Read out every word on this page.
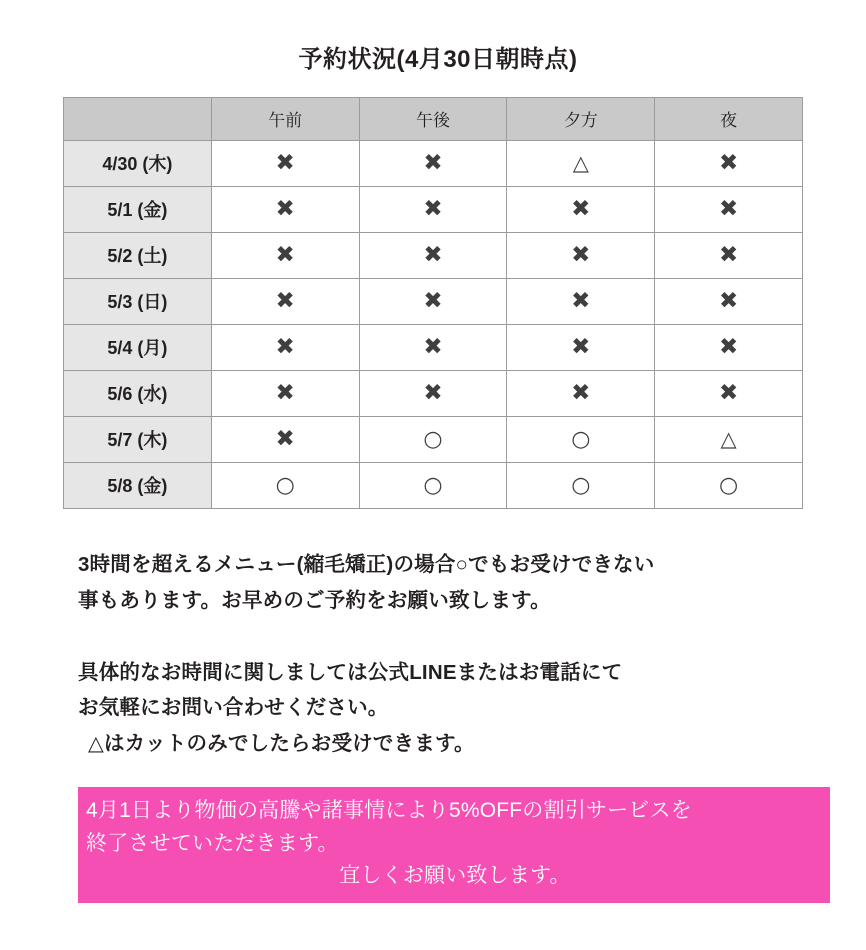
予約状況(4月30日朝時点)
	午前	午後	夕方	夜
4/30 (木)	✖	✖	△	✖
5/1 (金)	✖	✖	✖	✖
5/2 (土)	✖	✖	✖	✖
5/3 (日)	✖	✖	✖	✖
5/4 (月)	✖	✖	✖	✖
5/6 (水)	✖	✖	✖	✖
5/7 (木)	✖	○	○	△
5/8 (金)	○	○	○	○

3時間を超えるメニュー(縮毛矯正)の場合○でもお受けできない

事もあります。お早めのご予約をお願い致します。

具体的なお時間に関しましては公式LINEまたはお電話にて

お気軽にお問い合わせください。

△はカットのみでしたらお受けできます。

4月1日より物価の高騰や諸事情により5%OFFの割引サービスを

終了させていただきます。

宜しくお願い致します。
